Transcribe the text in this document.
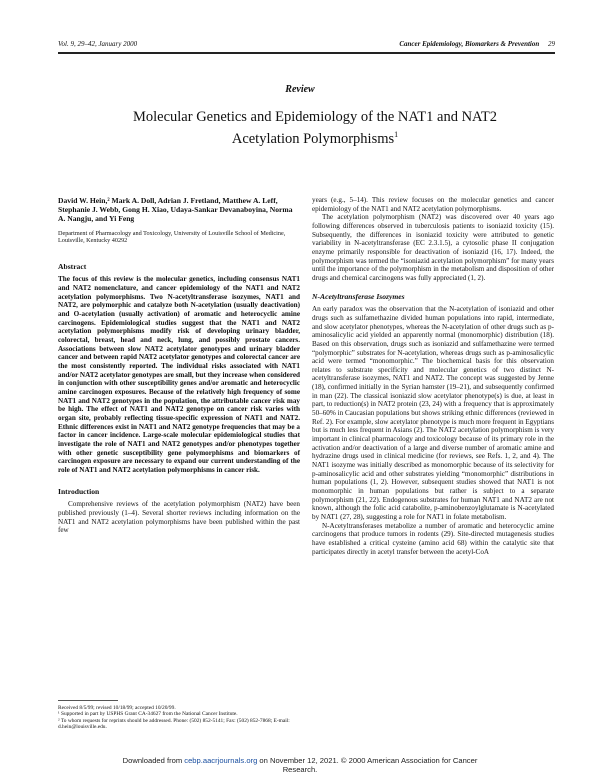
Vol. 9, 29–42, January 2000	Cancer Epidemiology, Biomarkers & Prevention 29
Review
Molecular Genetics and Epidemiology of the NAT1 and NAT2
Acetylation Polymorphisms$^1$

David W. Hein,² Mark A. Doll, Adrian J. Fretland, Matthew A. Leff, Stephanie J. Webb, Gong H. Xiao, Udaya-Sankar Devanaboyina, Norma A. Nangju, and Yi Feng

Department of Pharmacology and Toxicology, University of Louisville School of Medicine, Louisville, Kentucky 40292

Abstract

The focus of this review is the molecular genetics, including consensus NAT1 and NAT2 nomenclature, and cancer epidemiology of the NAT1 and NAT2 acetylation polymorphisms. Two N-acetyltransferase isozymes, NAT1 and NAT2, are polymorphic and catalyze both N-acetylation (usually deactivation) and O-acetylation (usually activation) of aromatic and heterocyclic amine carcinogens. Epidemiological studies suggest that the NAT1 and NAT2 acetylation polymorphisms modify risk of developing urinary bladder, colorectal, breast, head and neck, lung, and possibly prostate cancers. Associations between slow NAT2 acetylator genotypes and urinary bladder cancer and between rapid NAT2 acetylator genotypes and colorectal cancer are the most consistently reported. The individual risks associated with NAT1 and/or NAT2 acetylator genotypes are small, but they increase when considered in conjunction with other susceptibility genes and/or aromatic and heterocyclic amine carcinogen exposures. Because of the relatively high frequency of some NAT1 and NAT2 genotypes in the population, the attributable cancer risk may be high. The effect of NAT1 and NAT2 genotype on cancer risk varies with organ site, probably reflecting tissue-specific expression of NAT1 and NAT2. Ethnic differences exist in NAT1 and NAT2 genotype frequencies that may be a factor in cancer incidence. Large-scale molecular epidemiological studies that investigate the role of NAT1 and NAT2 genotypes and/or phenotypes together with other genetic susceptibility gene polymorphisms and biomarkers of carcinogen exposure are necessary to expand our current understanding of the role of NAT1 and NAT2 acetylation polymorphisms in cancer risk.

Introduction

Comprehensive reviews of the acetylation polymorphism (NAT2) have been published previously (1–4). Several shorter reviews including information on the NAT1 and NAT2 acetylation polymorphisms have been published within the past few

Received 8/5/99; revised 10/18/99; accepted 10/20/99.

¹ Supported in part by USPHS Grant CA-34627 from the National Cancer Institute.

² To whom requests for reprints should be addressed. Phone: (502) 852-5141; Fax: (502) 852-7868; E-mail: d.hein@louisville.edu.

years (e.g., 5–14). This review focuses on the molecular genetics and cancer epidemiology of the NAT1 and NAT2 acetylation polymorphisms.

The acetylation polymorphism (NAT2) was discovered over 40 years ago following differences observed in tuberculosis patients to isoniazid toxicity (15). Subsequently, the differences in isoniazid toxicity were attributed to genetic variability in N-acetyltransferase (EC 2.3.1.5), a cytosolic phase II conjugation enzyme primarily responsible for deactivation of isoniazid (16, 17). Indeed, the polymorphism was termed the “isoniazid acetylation polymorphism” for many years until the importance of the polymorphism in the metabolism and disposition of other drugs and chemical carcinogens was fully appreciated (1, 2).

N-Acetyltransferase Isozymes

An early paradox was the observation that the N-acetylation of isoniazid and other drugs such as sulfamethazine divided human populations into rapid, intermediate, and slow acetylator phenotypes, whereas the N-acetylation of other drugs such as p-aminosalicylic acid yielded an apparently normal (monomorphic) distribution (18). Based on this observation, drugs such as isoniazid and sulfamethazine were termed “polymorphic” substrates for N-acetylation, whereas drugs such as p-aminosalicylic acid were termed “monomorphic.” The biochemical basis for this observation relates to substrate specificity and molecular genetics of two distinct N-acetyltransferase isozymes, NAT1 and NAT2. The concept was suggested by Jenne (18), confirmed initially in the Syrian hamster (19–21), and subsequently confirmed in man (22). The classical isoniazid slow acetylator phenotype(s) is due, at least in part, to reduction(s) in NAT2 protein (23, 24) with a frequency that is approximately 50–60% in Caucasian populations but shows striking ethnic differences (reviewed in Ref. 2). For example, slow acetylator phenotype is much more frequent in Egyptians but is much less frequent in Asians (2). The NAT2 acetylation polymorphism is very important in clinical pharmacology and toxicology because of its primary role in the activation and/or deactivation of a large and diverse number of aromatic amine and hydrazine drugs used in clinical medicine (for reviews, see Refs. 1, 2, and 4). The NAT1 isozyme was initially described as monomorphic because of its selectivity for p-aminosalicylic acid and other substrates yielding “monomorphic” distributions in human populations (1, 2). However, subsequent studies showed that NAT1 is not monomorphic in human populations but rather is subject to a separate polymorphism (21, 22). Endogenous substrates for human NAT1 and NAT2 are not known, although the folic acid catabolite, p-aminobenzoylglutamate is N-acetylated by NAT1 (27, 28), suggesting a role for NAT1 in folate metabolism.

N-Acetyltransferases metabolize a number of aromatic and heterocyclic amine carcinogens that produce tumors in rodents (29). Site-directed mutagenesis studies have established a critical cysteine (amino acid 68) within the catalytic site that participates directly in acetyl transfer between the acetyl-CoA

Downloaded from cebp.aacrjournals.org on November 12, 2021. © 2000 American Association for Cancer
Research.
